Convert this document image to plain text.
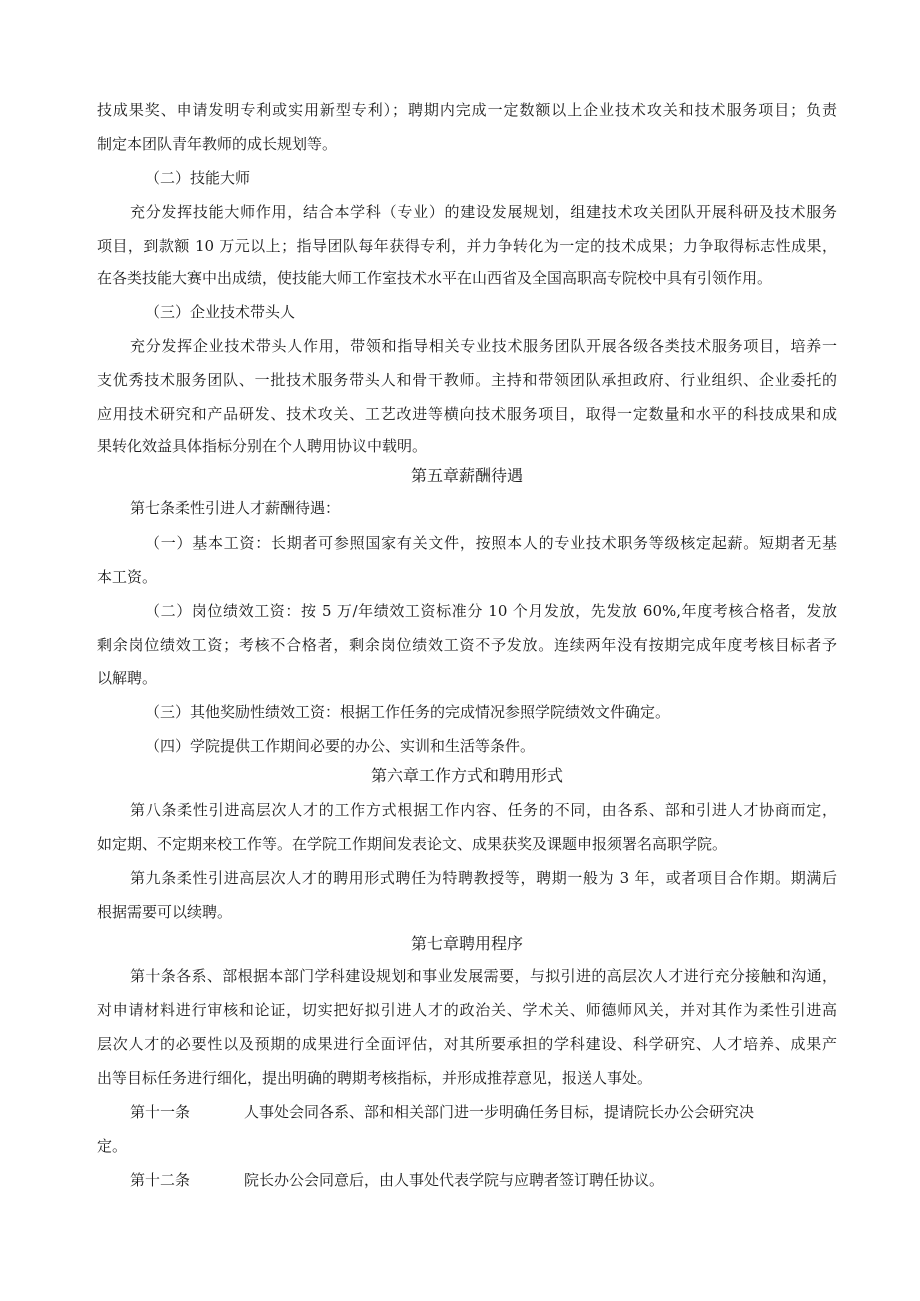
技成果奖、申请发明专利或实用新型专利）；聘期内完成一定数额以上企业技术攻关和技术服务项目；负责
制定本团队青年教师的成长规划等。
（二）技能大师
充分发挥技能大师作用，结合本学科（专业）的建设发展规划，组建技术攻关团队开展科研及技术服务
项目，到款额 10 万元以上；指导团队每年获得专利，并力争转化为一定的技术成果；力争取得标志性成果，
在各类技能大赛中出成绩，使技能大师工作室技术水平在山西省及全国高职高专院校中具有引领作用。
（三）企业技术带头人
充分发挥企业技术带头人作用，带领和指导相关专业技术服务团队开展各级各类技术服务项目，培养一
支优秀技术服务团队、一批技术服务带头人和骨干教师。主持和带领团队承担政府、行业组织、企业委托的
应用技术研究和产品研发、技术攻关、工艺改进等横向技术服务项目，取得一定数量和水平的科技成果和成
果转化效益具体指标分别在个人聘用协议中载明。
第五章薪酬待遇
第七条柔性引进人才薪酬待遇：
（一）基本工资：长期者可参照国家有关文件，按照本人的专业技术职务等级核定起薪。短期者无基
本工资。
（二）岗位绩效工资：按 5 万/年绩效工资标准分 10 个月发放，先发放 60%,年度考核合格者，发放
剩余岗位绩效工资；考核不合格者，剩余岗位绩效工资不予发放。连续两年没有按期完成年度考核目标者予
以解聘。
（三）其他奖励性绩效工资：根据工作任务的完成情况参照学院绩效文件确定。
（四）学院提供工作期间必要的办公、实训和生活等条件。
第六章工作方式和聘用形式
第八条柔性引进高层次人才的工作方式根据工作内容、任务的不同，由各系、部和引进人才协商而定，
如定期、不定期来校工作等。在学院工作期间发表论文、成果获奖及课题申报须署名高职学院。
第九条柔性引进高层次人才的聘用形式聘任为特聘教授等，聘期一般为 3 年，或者项目合作期。期满后
根据需要可以续聘。
第七章聘用程序
第十条各系、部根据本部门学科建设规划和事业发展需要，与拟引进的高层次人才进行充分接触和沟通，
对申请材料进行审核和论证，切实把好拟引进人才的政治关、学术关、师德师风关，并对其作为柔性引进高
层次人才的必要性以及预期的成果进行全面评估，对其所要承担的学科建设、科学研究、人才培养、成果产
出等目标任务进行细化，提出明确的聘期考核指标，并形成推荐意见，报送人事处。
第十一条	人事处会同各系、部和相关部门进一步明确任务目标，提请院长办公会研究决
定。
第十二条	院长办公会同意后，由人事处代表学院与应聘者签订聘任协议。
